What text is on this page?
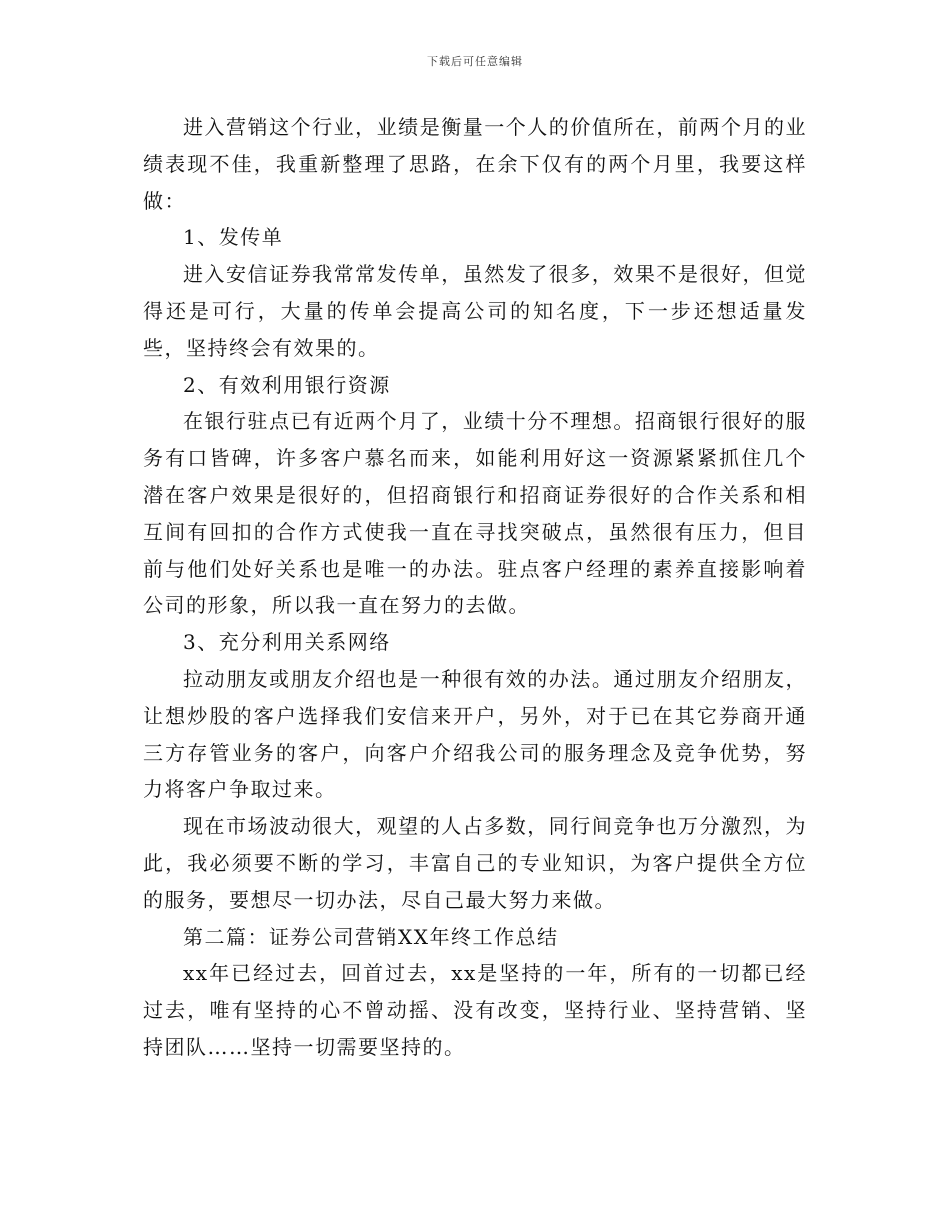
下载后可任意编辑

进入营销这个行业，业绩是衡量一个人的价值所在，前两个月的业绩表现不佳，我重新整理了思路，在余下仅有的两个月里，我要这样做：

1、发传单

进入安信证券我常常发传单，虽然发了很多，效果不是很好，但觉得还是可行，大量的传单会提高公司的知名度，下一步还想适量发些，坚持终会有效果的。

2、有效利用银行资源

在银行驻点已有近两个月了，业绩十分不理想。招商银行很好的服务有口皆碑，许多客户慕名而来，如能利用好这一资源紧紧抓住几个潜在客户效果是很好的，但招商银行和招商证券很好的合作关系和相互间有回扣的合作方式使我一直在寻找突破点，虽然很有压力，但目前与他们处好关系也是唯一的办法。驻点客户经理的素养直接影响着公司的形象，所以我一直在努力的去做。

3、充分利用关系网络

拉动朋友或朋友介绍也是一种很有效的办法。通过朋友介绍朋友，让想炒股的客户选择我们安信来开户，另外，对于已在其它券商开通三方存管业务的客户，向客户介绍我公司的服务理念及竞争优势，努力将客户争取过来。

现在市场波动很大，观望的人占多数，同行间竞争也万分激烈，为此，我必须要不断的学习，丰富自己的专业知识，为客户提供全方位的服务，要想尽一切办法，尽自己最大努力来做。

第二篇：证券公司营销XX年终工作总结

xx年已经过去，回首过去，xx是坚持的一年，所有的一切都已经过去，唯有坚持的心不曾动摇、没有改变，坚持行业、坚持营销、坚持团队……坚持一切需要坚持的。
